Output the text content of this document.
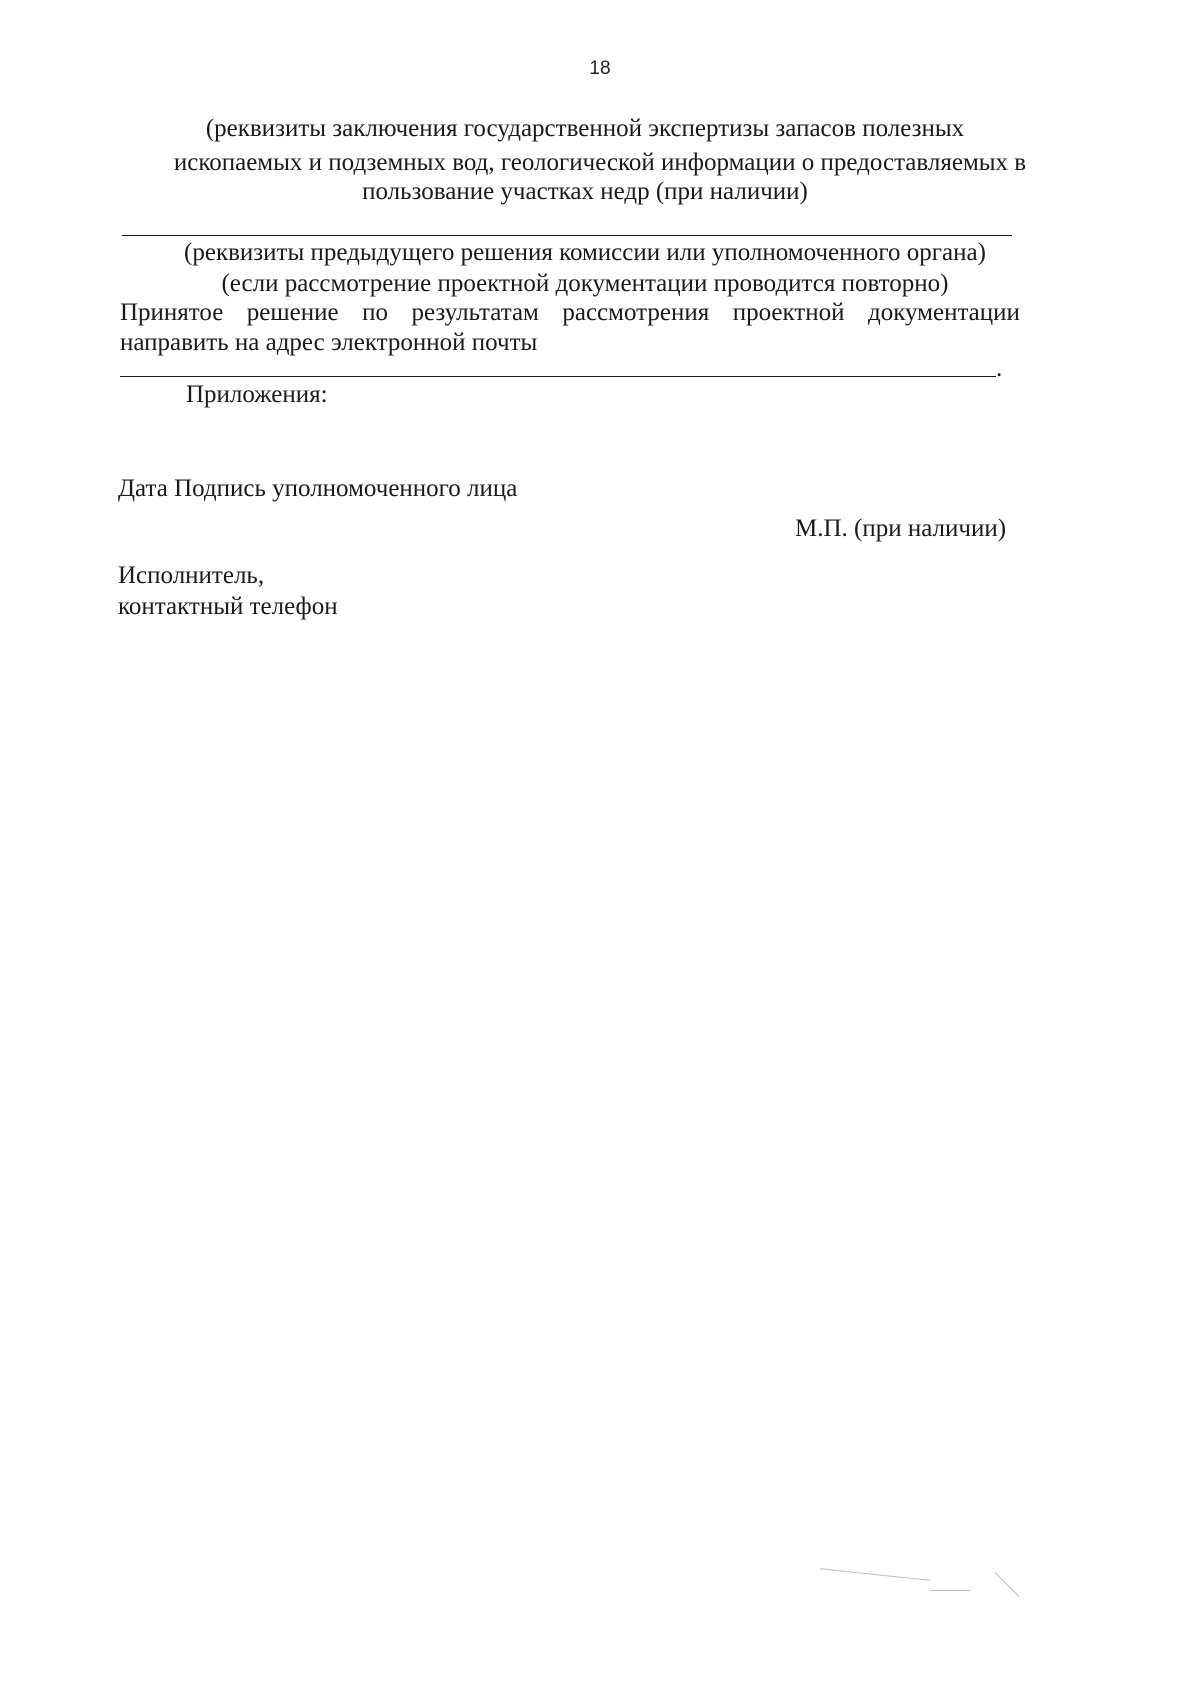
18
(реквизиты заключения государственной экспертизы запасов полезных
ископаемых и подземных вод, геологической информации о предоставляемых в
пользование участках недр (при наличии)
(реквизиты предыдущего решения комиссии или уполномоченного органа)
(если рассмотрение проектной документации проводится повторно)
Принятое решение по результатам рассмотрения проектной документации
направить на адрес электронной почты
.
Приложения:
Дата Подпись уполномоченного лица
М.П. (при наличии)
Исполнитель,
контактный телефон
